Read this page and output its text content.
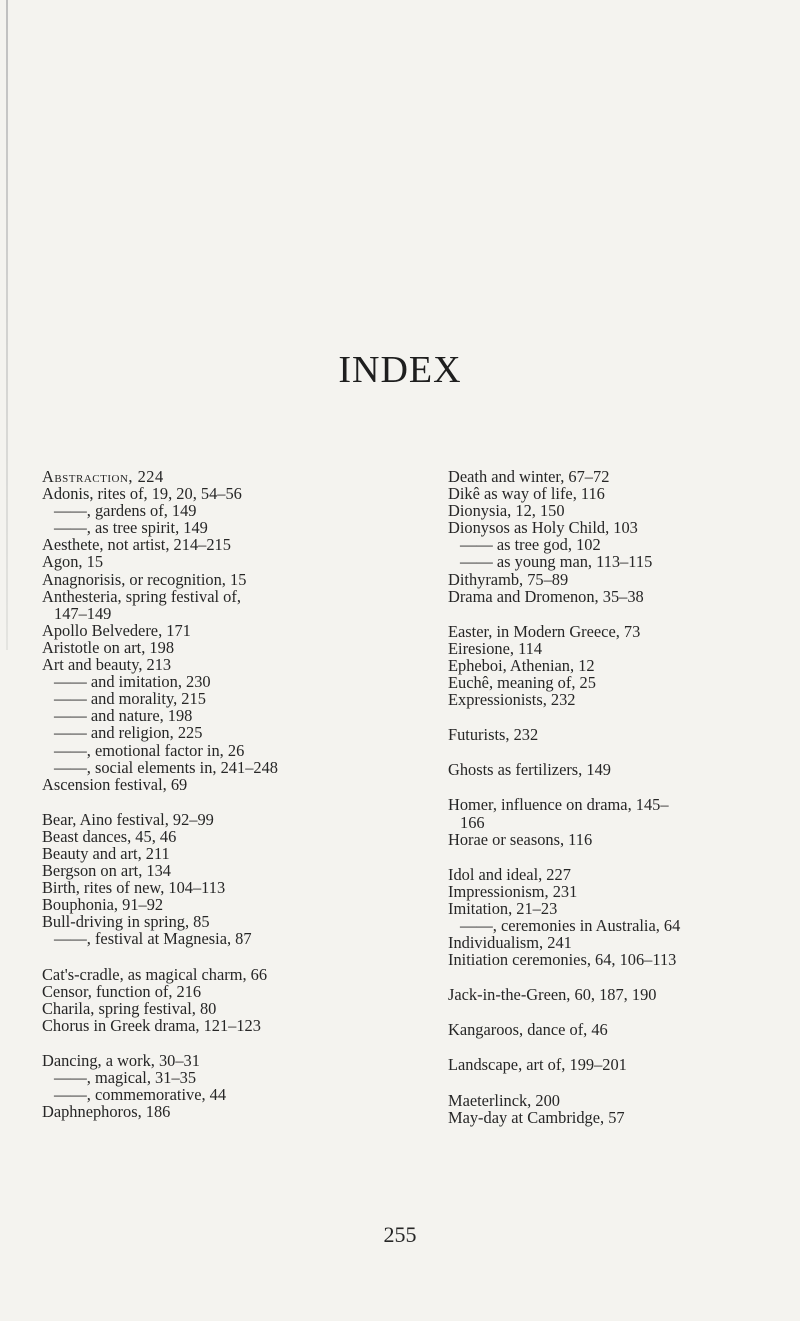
INDEX
Abstraction, 224
Adonis, rites of, 19, 20, 54–56
——, gardens of, 149
——, as tree spirit, 149
Aesthete, not artist, 214–215
Agon, 15
Anagnorisis, or recognition, 15
Anthesteria, spring festival of,
147–149
Apollo Belvedere, 171
Aristotle on art, 198
Art and beauty, 213
—— and imitation, 230
—— and morality, 215
—— and nature, 198
—— and religion, 225
——, emotional factor in, 26
——, social elements in, 241–248
Ascension festival, 69
Bear, Aino festival, 92–99
Beast dances, 45, 46
Beauty and art, 211
Bergson on art, 134
Birth, rites of new, 104–113
Bouphonia, 91–92
Bull-driving in spring, 85
——, festival at Magnesia, 87
Cat's-cradle, as magical charm, 66
Censor, function of, 216
Charila, spring festival, 80
Chorus in Greek drama, 121–123
Dancing, a work, 30–31
——, magical, 31–35
——, commemorative, 44
Daphnephoros, 186
Death and winter, 67–72
Dikê as way of life, 116
Dionysia, 12, 150
Dionysos as Holy Child, 103
—— as tree god, 102
—— as young man, 113–115
Dithyramb, 75–89
Drama and Dromenon, 35–38
Easter, in Modern Greece, 73
Eiresione, 114
Epheboi, Athenian, 12
Euchê, meaning of, 25
Expressionists, 232
Futurists, 232
Ghosts as fertilizers, 149
Homer, influence on drama, 145–
166
Horae or seasons, 116
Idol and ideal, 227
Impressionism, 231
Imitation, 21–23
——, ceremonies in Australia, 64
Individualism, 241
Initiation ceremonies, 64, 106–113
Jack-in-the-Green, 60, 187, 190
Kangaroos, dance of, 46
Landscape, art of, 199–201
Maeterlinck, 200
May-day at Cambridge, 57
255
